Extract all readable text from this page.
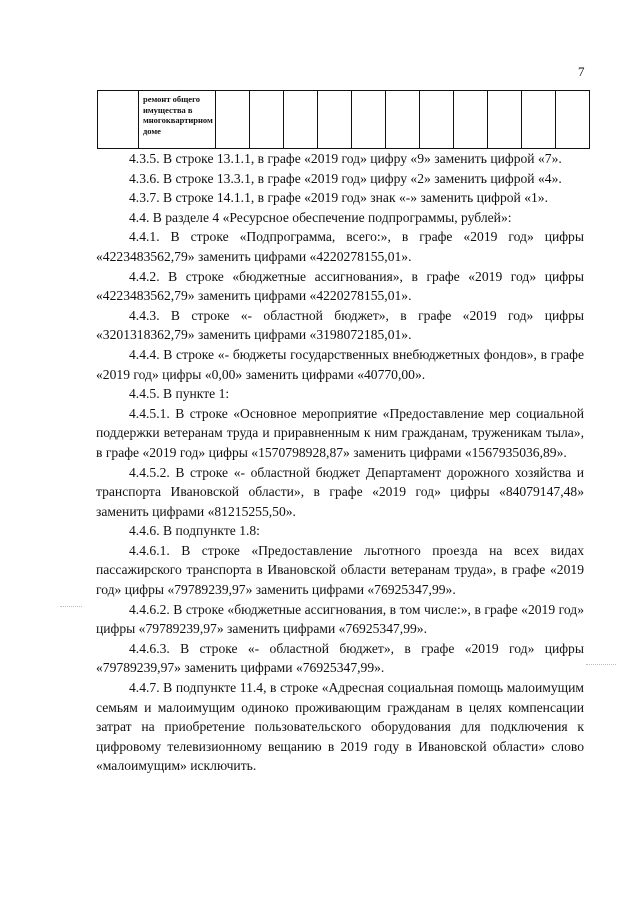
7
	ремонт общего имущества в многоквартирном доме											

4.3.5. В строке 13.1.1, в графе «2019 год» цифру «9» заменить цифрой «7».

4.3.6. В строке 13.3.1, в графе «2019 год» цифру «2» заменить цифрой «4».

4.3.7. В строке 14.1.1, в графе «2019 год» знак «-» заменить цифрой «1».

4.4. В разделе 4 «Ресурсное обеспечение подпрограммы, рублей»:

4.4.1. В строке «Подпрограмма, всего:», в графе «2019 год» цифры «4223483562,79» заменить цифрами «4220278155,01».

4.4.2. В строке «бюджетные ассигнования», в графе «2019 год» цифры «4223483562,79» заменить цифрами «4220278155,01».

4.4.3. В строке «- областной бюджет», в графе «2019 год» цифры «3201318362,79» заменить цифрами «3198072185,01».

4.4.4. В строке «- бюджеты государственных внебюджетных фондов», в графе «2019 год» цифры «0,00» заменить цифрами «40770,00».

4.4.5. В пункте 1:

4.4.5.1. В строке «Основное мероприятие «Предоставление мер социальной поддержки ветеранам труда и приравненным к ним гражданам, труженикам тыла», в графе «2019 год» цифры «1570798928,87» заменить цифрами «1567935036,89».

4.4.5.2. В строке «- областной бюджет Департамент дорожного хозяйства и транспорта Ивановской области», в графе «2019 год» цифры «84079147,48» заменить цифрами «81215255,50».

4.4.6. В подпункте 1.8:

4.4.6.1. В строке «Предоставление льготного проезда на всех видах пассажирского транспорта в Ивановской области ветеранам труда», в графе «2019 год» цифры «79789239,97» заменить цифрами «76925347,99».

4.4.6.2. В строке «бюджетные ассигнования, в том числе:», в графе «2019 год» цифры «79789239,97» заменить цифрами «76925347,99».

4.4.6.3. В строке «- областной бюджет», в графе «2019 год» цифры «79789239,97» заменить цифрами «76925347,99».

4.4.7. В подпункте 11.4, в строке «Адресная социальная помощь малоимущим семьям и малоимущим одиноко проживающим гражданам в целях компенсации затрат на приобретение пользовательского оборудования для подключения к цифровому телевизионному вещанию в 2019 году в Ивановской области» слово «малоимущим» исключить.
